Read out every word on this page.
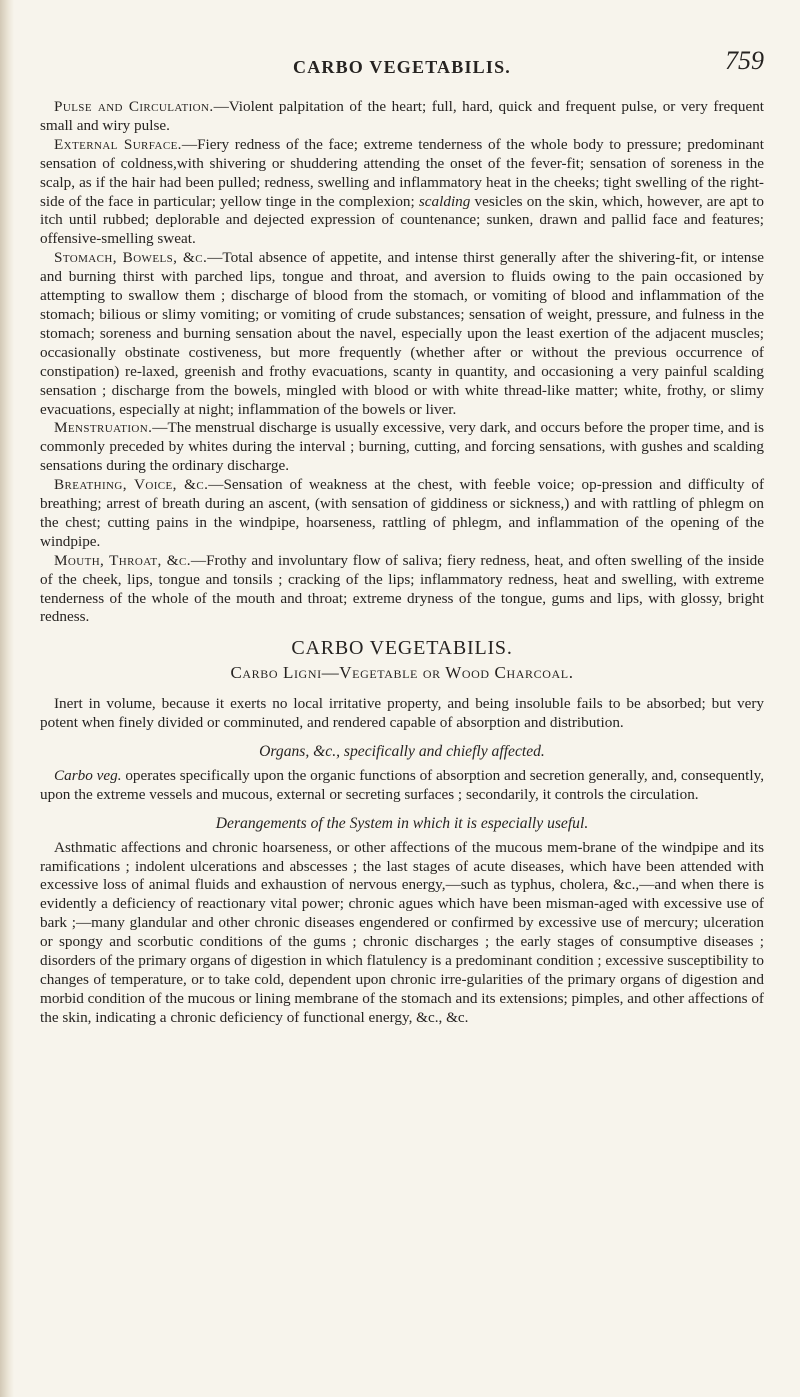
CARBO VEGETABILIS.	759

Pulse and Circulation.—Violent palpitation of the heart; full, hard, quick and frequent pulse, or very frequent small and wiry pulse.

External Surface.—Fiery redness of the face; extreme tenderness of the whole body to pressure; predominant sensation of coldness,with shivering or shuddering attending the onset of the fever-fit; sensation of soreness in the scalp, as if the hair had been pulled; redness, swelling and inflammatory heat in the cheeks; tight swelling of the right-side of the face in particular; yellow tinge in the complexion; scalding vesicles on the skin, which, however, are apt to itch until rubbed; deplorable and dejected expression of countenance; sunken, drawn and pallid face and features; offensive-smelling sweat.

Stomach, Bowels, &c.—Total absence of appetite, and intense thirst generally after the shivering-fit, or intense and burning thirst with parched lips, tongue and throat, and aversion to fluids owing to the pain occasioned by attempting to swallow them ; discharge of blood from the stomach, or vomiting of blood and inflammation of the stomach; bilious or slimy vomiting; or vomiting of crude substances; sensation of weight, pressure, and fulness in the stomach; soreness and burning sensation about the navel, especially upon the least exertion of the adjacent muscles; occasionally obstinate costiveness, but more frequently (whether after or without the previous occurrence of constipation) re-laxed, greenish and frothy evacuations, scanty in quantity, and occasioning a very painful scalding sensation ; discharge from the bowels, mingled with blood or with white thread-like matter; white, frothy, or slimy evacuations, especially at night; inflammation of the bowels or liver.

Menstruation.—The menstrual discharge is usually excessive, very dark, and occurs before the proper time, and is commonly preceded by whites during the interval ; burning, cutting, and forcing sensations, with gushes and scalding sensations during the ordinary discharge.

Breathing, Voice, &c.—Sensation of weakness at the chest, with feeble voice; op-pression and difficulty of breathing; arrest of breath during an ascent, (with sensation of giddiness or sickness,) and with rattling of phlegm on the chest; cutting pains in the windpipe, hoarseness, rattling of phlegm, and inflammation of the opening of the windpipe.

Mouth, Throat, &c.—Frothy and involuntary flow of saliva; fiery redness, heat, and often swelling of the inside of the cheek, lips, tongue and tonsils ; cracking of the lips; inflammatory redness, heat and swelling, with extreme tenderness of the whole of the mouth and throat; extreme dryness of the tongue, gums and lips, with glossy, bright redness.

CARBO VEGETABILIS.
Carbo Ligni—Vegetable or Wood Charcoal.

Inert in volume, because it exerts no local irritative property, and being insoluble fails to be absorbed; but very potent when finely divided or comminuted, and rendered capable of absorption and distribution.

Organs, &c., specifically and chiefly affected.

Carbo veg. operates specifically upon the organic functions of absorption and secretion generally, and, consequently, upon the extreme vessels and mucous, external or secreting surfaces ; secondarily, it controls the circulation.

Derangements of the System in which it is especially useful.

Asthmatic affections and chronic hoarseness, or other affections of the mucous mem-brane of the windpipe and its ramifications ; indolent ulcerations and abscesses ; the last stages of acute diseases, which have been attended with excessive loss of animal fluids and exhaustion of nervous energy,—such as typhus, cholera, &c.,—and when there is evidently a deficiency of reactionary vital power; chronic agues which have been misman-aged with excessive use of bark ;—many glandular and other chronic diseases engendered or confirmed by excessive use of mercury; ulceration or spongy and scorbutic conditions of the gums ; chronic discharges ; the early stages of consumptive diseases ; disorders of the primary organs of digestion in which flatulency is a predominant condition ; excessive susceptibility to changes of temperature, or to take cold, dependent upon chronic irre-gularities of the primary organs of digestion and morbid condition of the mucous or lining membrane of the stomach and its extensions; pimples, and other affections of the skin, indicating a chronic deficiency of functional energy, &c., &c.
